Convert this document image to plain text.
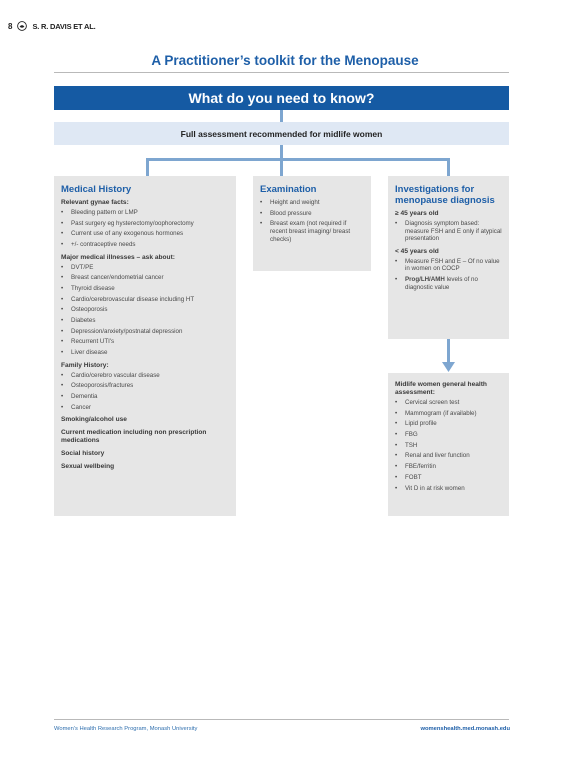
8	S. R. DAVIS ET AL.
A Practitioner’s toolkit for the Menopause
What do you need to know?
Full assessment recommended for midlife women
Medical History
Relevant gynae facts:
• Bleeding pattern or LMP
• Past surgery eg hysterectomy/oophorectomy
• Current use of any exogenous hormones
• +/- contraceptive needs
Major medical illnesses – ask about:
• DVT/PE
• Breast cancer/endometrial cancer
• Thyroid disease
• Cardio/cerebrovascular disease including HT
• Osteoporosis
• Diabetes
• Depression/anxiety/postnatal depression
• Recurrent UTI's
• Liver disease
Family History:
• Cardio/cerebro vascular disease
• Osteoporosis/fractures
• Dementia
• Cancer
Smoking/alcohol use
Current medication including non prescription medications
Social history
Sexual wellbeing
Examination
• Height and weight
• Blood pressure
• Breast exam (not required if recent breast imaging/ breast checks)
Investigations for menopause diagnosis
≥ 45 years old
• Diagnosis symptom based: measure FSH and E only if atypical presentation
< 45 years old
• Measure FSH and E – Of no value in women on COCP
• Prog/LH/AMH levels of no diagnostic value
Midlife women general health assessment:
• Cervical screen test
• Mammogram (if available)
• Lipid profile
• FBG
• TSH
• Renal and liver function
• FBE/ferritin
• FOBT
• Vit D in at risk women
Women's Health Research Program, Monash University	womenshealth.med.monash.edu
